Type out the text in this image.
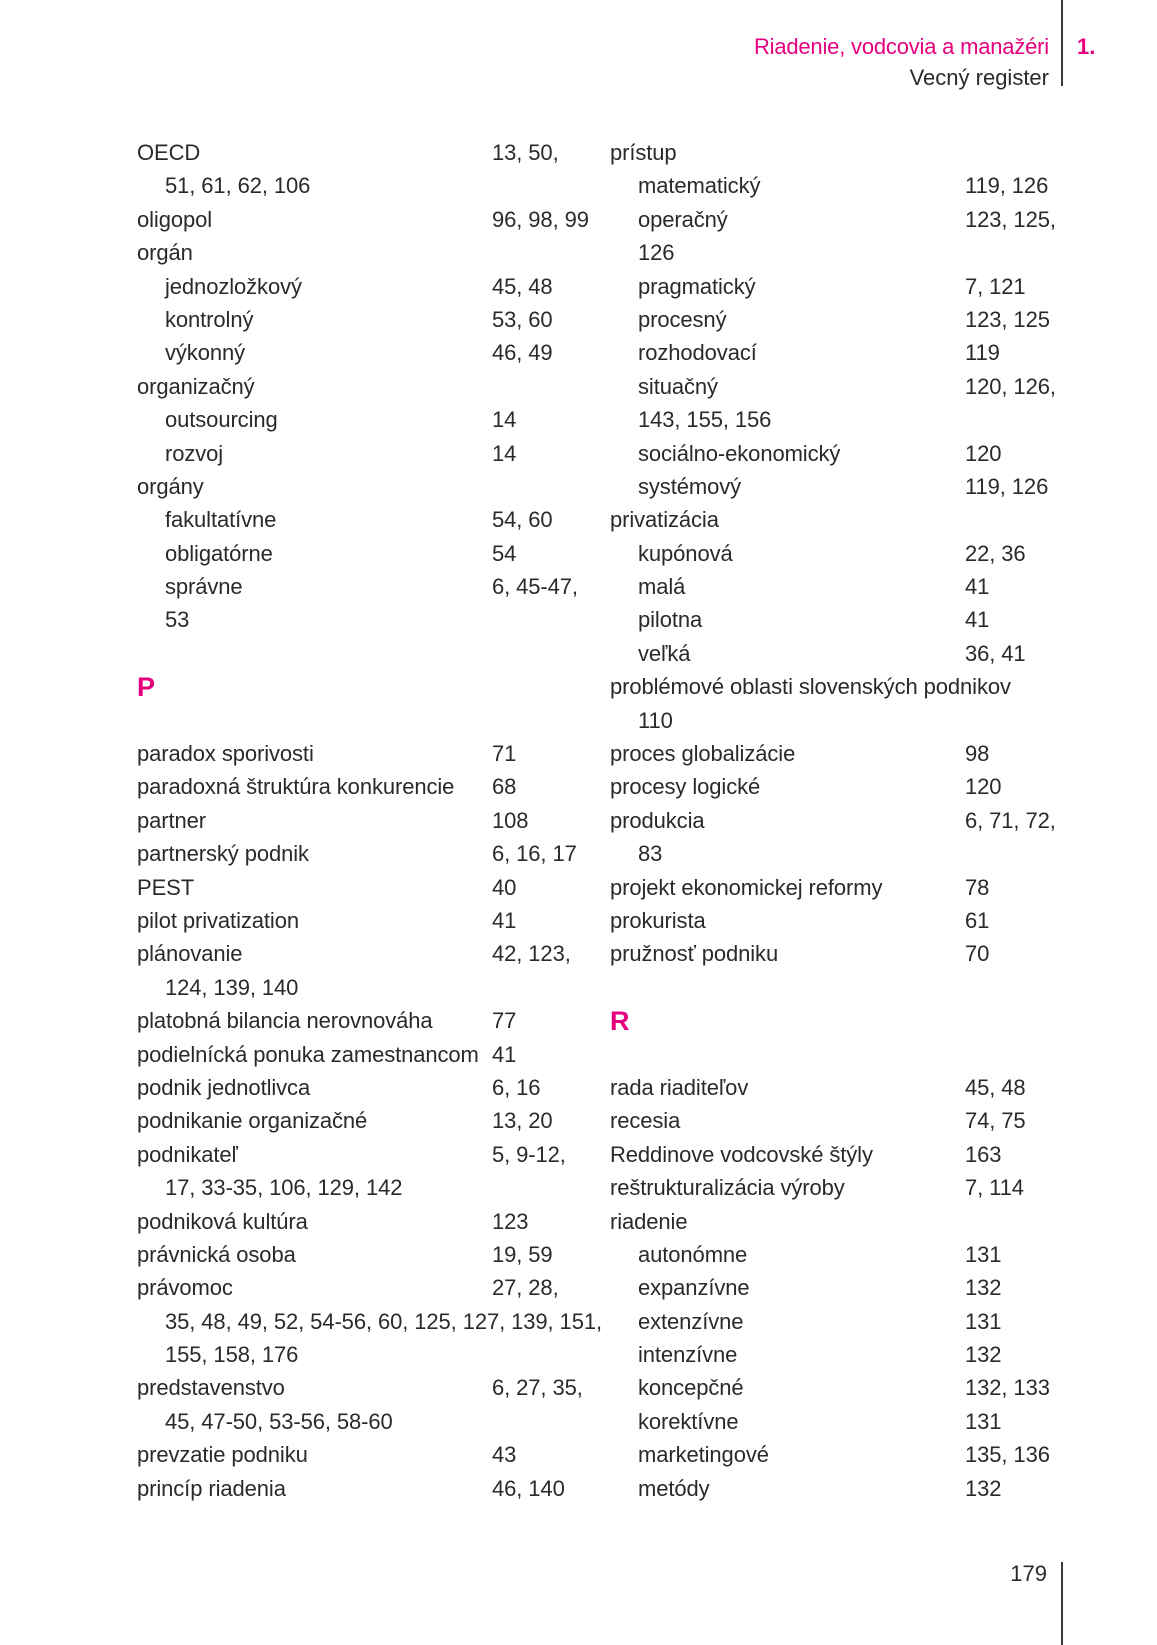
Riadenie, vodcovia a manažéri 1.
Vecný register
OECD	13, 50,
51, 61, 62, 106
oligopol	96, 98, 99
orgán
jednozložkový	45, 48
kontrolný	53, 60
výkonný	46, 49
organizačný
outsourcing	14
rozvoj	14
orgány
fakultatívne	54, 60
obligatórne	54
správne	6, 45-47,
53
P
paradox sporivosti	71
paradoxná štruktúra konkurencie 68
partner	108
partnerský podnik	6, 16, 17
PEST	40
pilot privatization	41
plánovanie	42, 123,
124, 139, 140
platobná bilancia nerovnováha	77
podielnícká ponuka zamestnancom 41
podnik jednotlivca	6, 16
podnikanie organizačné	13, 20
podnikateľ	5, 9-12,
17, 33-35, 106, 129, 142
podniková kultúra	123
právnická osoba	19, 59
právomoc	27, 28,
35, 48, 49, 52, 54-56, 60, 125, 127, 139, 151,
155, 158, 176
predstavenstvo	6, 27, 35,
45, 47-50, 53-56, 58-60
prevzatie podniku	43
princíp riadenia	46, 140
prístup
matematický	119, 126
operačný	123, 125,
126
pragmatický	7, 121
procesný	123, 125
rozhodovací	119
situačný	120, 126,
143, 155, 156
sociálno-ekonomický	120
systémový	119, 126
privatizácia
kupónová	22, 36
malá	41
pilotna	41
veľká	36, 41
problémové oblasti slovenských podnikov
110
proces globalizácie	98
procesy logické	120
produkcia	6, 71, 72,
83
projekt ekonomickej reformy	78
prokurista	61
pružnosť podniku	70
R
rada riaditeľov	45, 48
recesia	74, 75
Reddinove vodcovské štýly	163
reštrukturalizácia výroby	7, 114
riadenie
autonómne	131
expanzívne	132
extenzívne	131
intenzívne	132
koncepčné	132, 133
korektívne	131
marketingové	135, 136
metódy	132
179
